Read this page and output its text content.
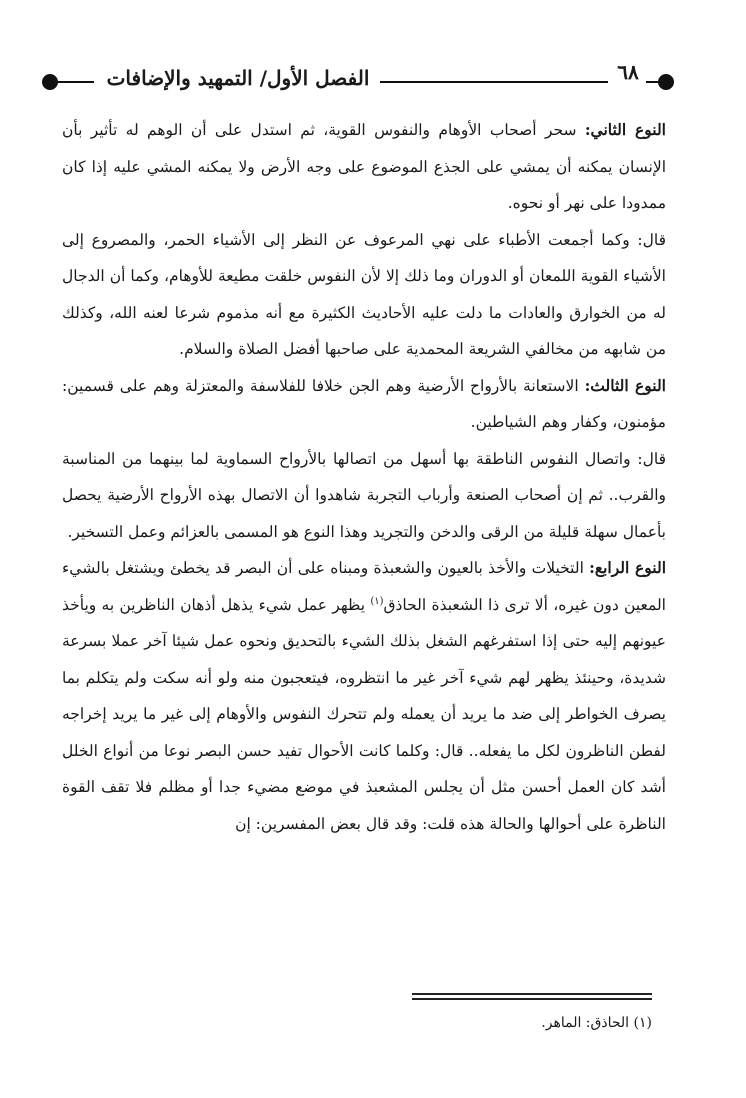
الفصل الأول/ التمهيد والإضافات	٦٨

النوع الثاني: سحر أصحاب الأوهام والنفوس القوية، ثم استدل على أن الوهم له تأثير بأن الإنسان يمكنه أن يمشي على الجذع الموضوع على وجه الأرض ولا يمكنه المشي عليه إذا كان ممدودا على نهر أو نحوه.

قال: وكما أجمعت الأطباء على نهي المرعوف عن النظر إلى الأشياء الحمر، والمصروع إلى الأشياء القوية اللمعان أو الدوران وما ذلك إلا لأن النفوس خلقت مطيعة للأوهام، وكما أن الدجال له من الخوارق والعادات ما دلت عليه الأحاديث الكثيرة مع أنه مذموم شرعا لعنه الله، وكذلك من شابهه من مخالفي الشريعة المحمدية على صاحبها أفضل الصلاة والسلام.

النوع الثالث: الاستعانة بالأرواح الأرضية وهم الجن خلافا للفلاسفة والمعتزلة وهم على قسمين: مؤمنون، وكفار وهم الشياطين.

قال: واتصال النفوس الناطقة بها أسهل من اتصالها بالأرواح السماوية لما بينهما من المناسبة والقرب.. ثم إن أصحاب الصنعة وأرباب التجربة شاهدوا أن الاتصال بهذه الأرواح الأرضية يحصل بأعمال سهلة قليلة من الرقى والدخن والتجريد وهذا النوع هو المسمى بالعزائم وعمل التسخير.

النوع الرابع: التخيلات والأخذ بالعيون والشعبذة ومبناه على أن البصر قد يخطئ ويشتغل بالشيء المعين دون غيره، ألا ترى ذا الشعبذة الحاذق$^{(١)}$ يظهر عمل شيء يذهل أذهان الناظرين به ويأخذ عيونهم إليه حتى إذا استفرغهم الشغل بذلك الشيء بالتحديق ونحوه عمل شيئا آخر عملا بسرعة شديدة، وحينئذ يظهر لهم شيء آخر غير ما انتظروه، فيتعجبون منه ولو أنه سكت ولم يتكلم بما يصرف الخواطر إلى ضد ما يريد أن يعمله ولم تتحرك النفوس والأوهام إلى غير ما يريد إخراجه لفطن الناظرون لكل ما يفعله.. قال: وكلما كانت الأحوال تفيد حسن البصر نوعا من أنواع الخلل أشد كان العمل أحسن مثل أن يجلس المشعبذ في موضع مضيء جدا أو مظلم فلا تقف القوة الناظرة على أحوالها والحالة هذه قلت: وقد قال بعض المفسرين: إن

(١) الحاذق: الماهر.
